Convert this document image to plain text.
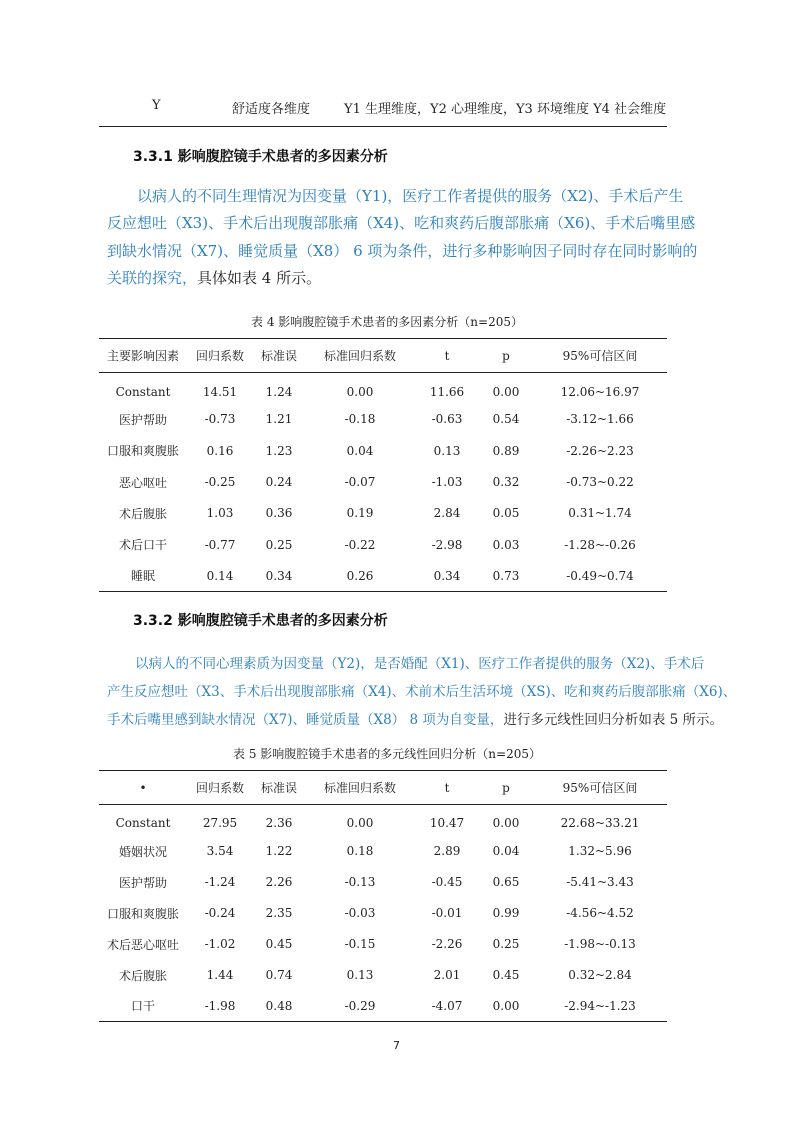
Y	舒适度各维度	Y1 生理维度，Y2 心理维度，Y3 环境维度 Y4 社会维度
3.3.1 影响腹腔镜手术患者的多因素分析
以病人的不同生理情况为因变量（Y1)，医疗工作者提供的服务（X2)、手术后产生
反应想吐（X3)、手术后出现腹部胀痛（X4)、吃和爽药后腹部胀痛（X6)、手术后嘴里感
到缺水情况（X7)、睡觉质量（X8） 6 项为条件，进行多种影响因子同时存在同时影响的
关联的探究，具体如表 4 所示。
表 4 影响腹腔镜手术患者的多因素分析（n=205）
主要影响因素	回归系数	标准误	标准回归系数	t	p	95%可信区间
Constant	14.51	1.24	0.00	11.66	0.00	12.06~16.97
医护帮助	-0.73	1.21	-0.18	-0.63	0.54	-3.12~1.66
口服和爽腹胀	0.16	1.23	0.04	0.13	0.89	-2.26~2.23
恶心呕吐	-0.25	0.24	-0.07	-1.03	0.32	-0.73~0.22
术后腹胀	1.03	0.36	0.19	2.84	0.05	0.31~1.74
术后口干	-0.77	0.25	-0.22	-2.98	0.03	-1.28~-0.26
睡眠	0.14	0.34	0.26	0.34	0.73	-0.49~0.74
3.3.2 影响腹腔镜手术患者的多因素分析
以病人的不同心理素质为因变量（Y2)，是否婚配（X1)、医疗工作者提供的服务（X2)、手术后
产生反应想吐（X3、手术后出现腹部胀痛（X4)、术前术后生活环境（XS)、吃和爽药后腹部胀痛（X6)、
手术后嘴里感到缺水情况（X7)、睡觉质量（X8） 8 项为自变量，进行多元线性回归分析如表 5 所示。
表 5 影响腹腔镜手术患者的多元线性回归分析（n=205）
•	回归系数	标准误	标准回归系数	t	p	95%可信区间
Constant	27.95	2.36	0.00	10.47	0.00	22.68~33.21
婚姻状况	3.54	1.22	0.18	2.89	0.04	1.32~5.96
医护帮助	-1.24	2.26	-0.13	-0.45	0.65	-5.41~3.43
口服和爽腹胀	-0.24	2.35	-0.03	-0.01	0.99	-4.56~4.52
术后恶心呕吐	-1.02	0.45	-0.15	-2.26	0.25	-1.98~-0.13
术后腹胀	1.44	0.74	0.13	2.01	0.45	0.32~2.84
口干	-1.98	0.48	-0.29	-4.07	0.00	-2.94~-1.23
7
